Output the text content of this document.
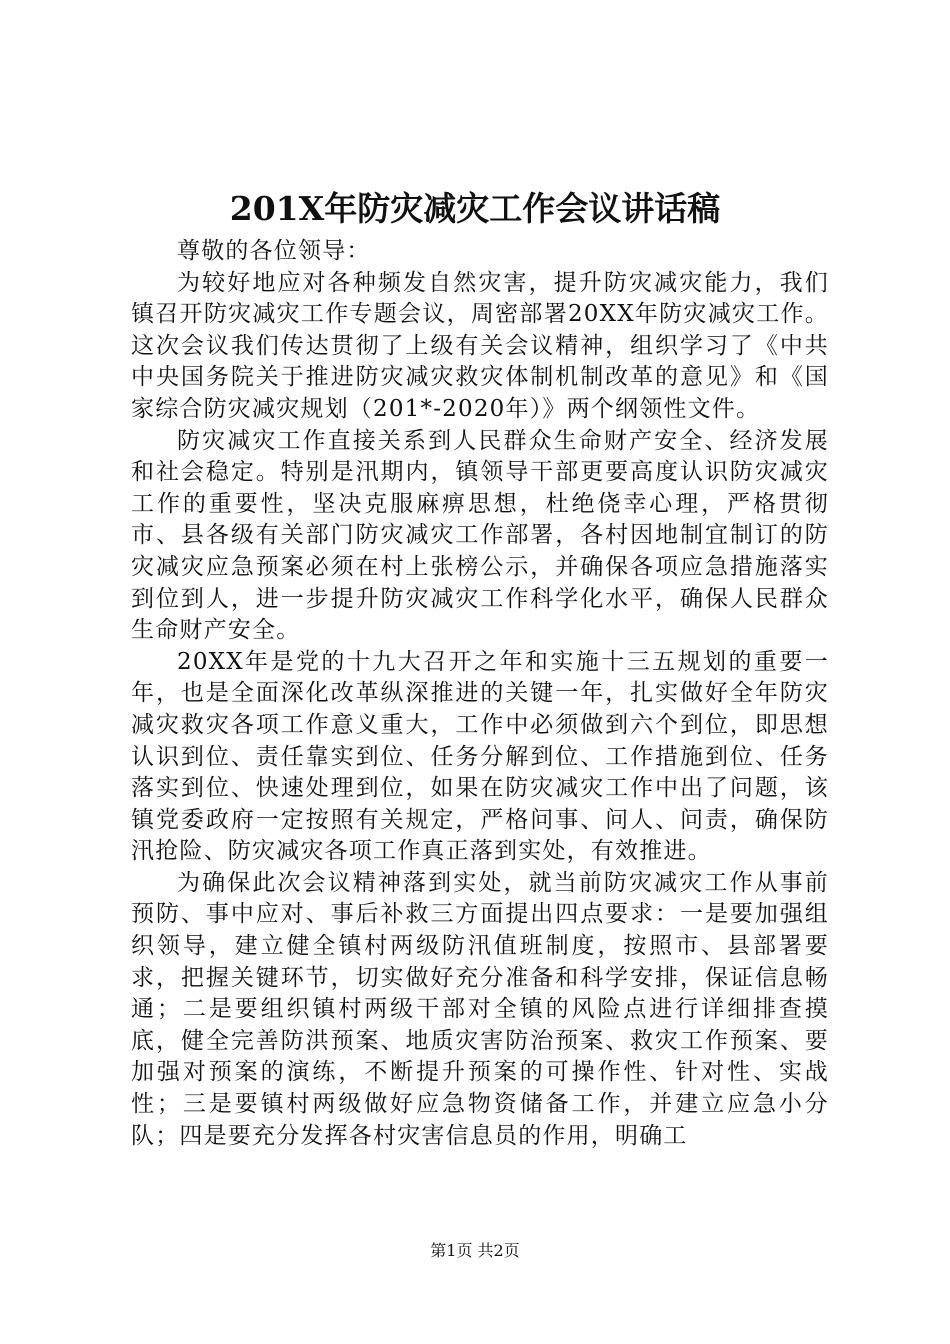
201X年防灾减灾工作会议讲话稿

尊敬的各位领导：

为较好地应对各种频发自然灾害，提升防灾减灾能力，我们镇召开防灾减灾工作专题会议，周密部署20XX年防灾减灾工作。这次会议我们传达贯彻了上级有关会议精神，组织学习了《中共中央国务院关于推进防灾减灾救灾体制机制改革的意见》和《国家综合防灾减灾规划（201*-2020年）》两个纲领性文件。

防灾减灾工作直接关系到人民群众生命财产安全、经济发展和社会稳定。特别是汛期内，镇领导干部更要高度认识防灾减灾工作的重要性，坚决克服麻痹思想，杜绝侥幸心理，严格贯彻市、县各级有关部门防灾减灾工作部署，各村因地制宜制订的防灾减灾应急预案必须在村上张榜公示，并确保各项应急措施落实到位到人，进一步提升防灾减灾工作科学化水平，确保人民群众生命财产安全。

20XX年是党的十九大召开之年和实施十三五规划的重要一年，也是全面深化改革纵深推进的关键一年，扎实做好全年防灾减灾救灾各项工作意义重大，工作中必须做到六个到位，即思想认识到位、责任靠实到位、任务分解到位、工作措施到位、任务落实到位、快速处理到位，如果在防灾减灾工作中出了问题，该镇党委政府一定按照有关规定，严格问事、问人、问责，确保防汛抢险、防灾减灾各项工作真正落到实处，有效推进。

为确保此次会议精神落到实处，就当前防灾减灾工作从事前预防、事中应对、事后补救三方面提出四点要求：一是要加强组织领导，建立健全镇村两级防汛值班制度，按照市、县部署要求，把握关键环节，切实做好充分准备和科学安排，保证信息畅通；二是要组织镇村两级干部对全镇的风险点进行详细排查摸底，健全完善防洪预案、地质灾害防治预案、救灾工作预案、要加强对预案的演练，不断提升预案的可操作性、针对性、实战性；三是要镇村两级做好应急物资储备工作，并建立应急小分队；四是要充分发挥各村灾害信息员的作用，明确工

第1页 共2页
